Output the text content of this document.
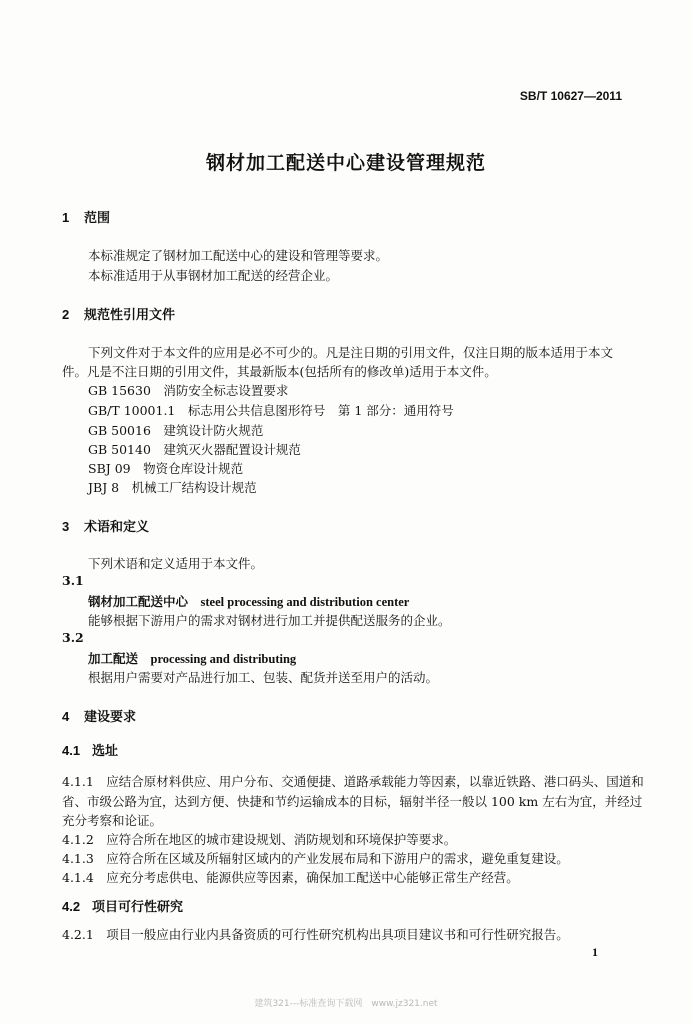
SB/T 10627—2011
钢材加工配送中心建设管理规范
1 范围
本标准规定了钢材加工配送中心的建设和管理等要求。
本标准适用于从事钢材加工配送的经营企业。
2 规范性引用文件
下列文件对于本文件的应用是必不可少的。凡是注日期的引用文件，仅注日期的版本适用于本文
件。凡是不注日期的引用文件，其最新版本(包括所有的修改单)适用于本文件。
GB 15630　消防安全标志设置要求
GB/T 10001.1　标志用公共信息图形符号　第 1 部分：通用符号
GB 50016　建筑设计防火规范
GB 50140　建筑灭火器配置设计规范
SBJ 09　物资仓库设计规范
JBJ 8　机械工厂结构设计规范
3 术语和定义
下列术语和定义适用于本文件。
3.1
钢材加工配送中心　 steel processing and distribution center
能够根据下游用户的需求对钢材进行加工并提供配送服务的企业。
3.2
加工配送　 processing and distributing
根据用户需要对产品进行加工、包装、配货并送至用户的活动。
4 建设要求
4.1 选址
4.1.1　应结合原材料供应、用户分布、交通便捷、道路承载能力等因素，以靠近铁路、港口码头、国道和
省、市级公路为宜，达到方便、快捷和节约运输成本的目标，辐射半径一般以 100 km 左右为宜，并经过
充分考察和论证。
4.1.2　应符合所在地区的城市建设规划、消防规划和环境保护等要求。
4.1.3　应符合所在区域及所辐射区域内的产业发展布局和下游用户的需求，避免重复建设。
4.1.4　应充分考虑供电、能源供应等因素，确保加工配送中心能够正常生产经营。
4.2 项目可行性研究
4.2.1　项目一般应由行业内具备资质的可行性研究机构出具项目建议书和可行性研究报告。
1
建筑321---标准查询下载网　www.jz321.net
